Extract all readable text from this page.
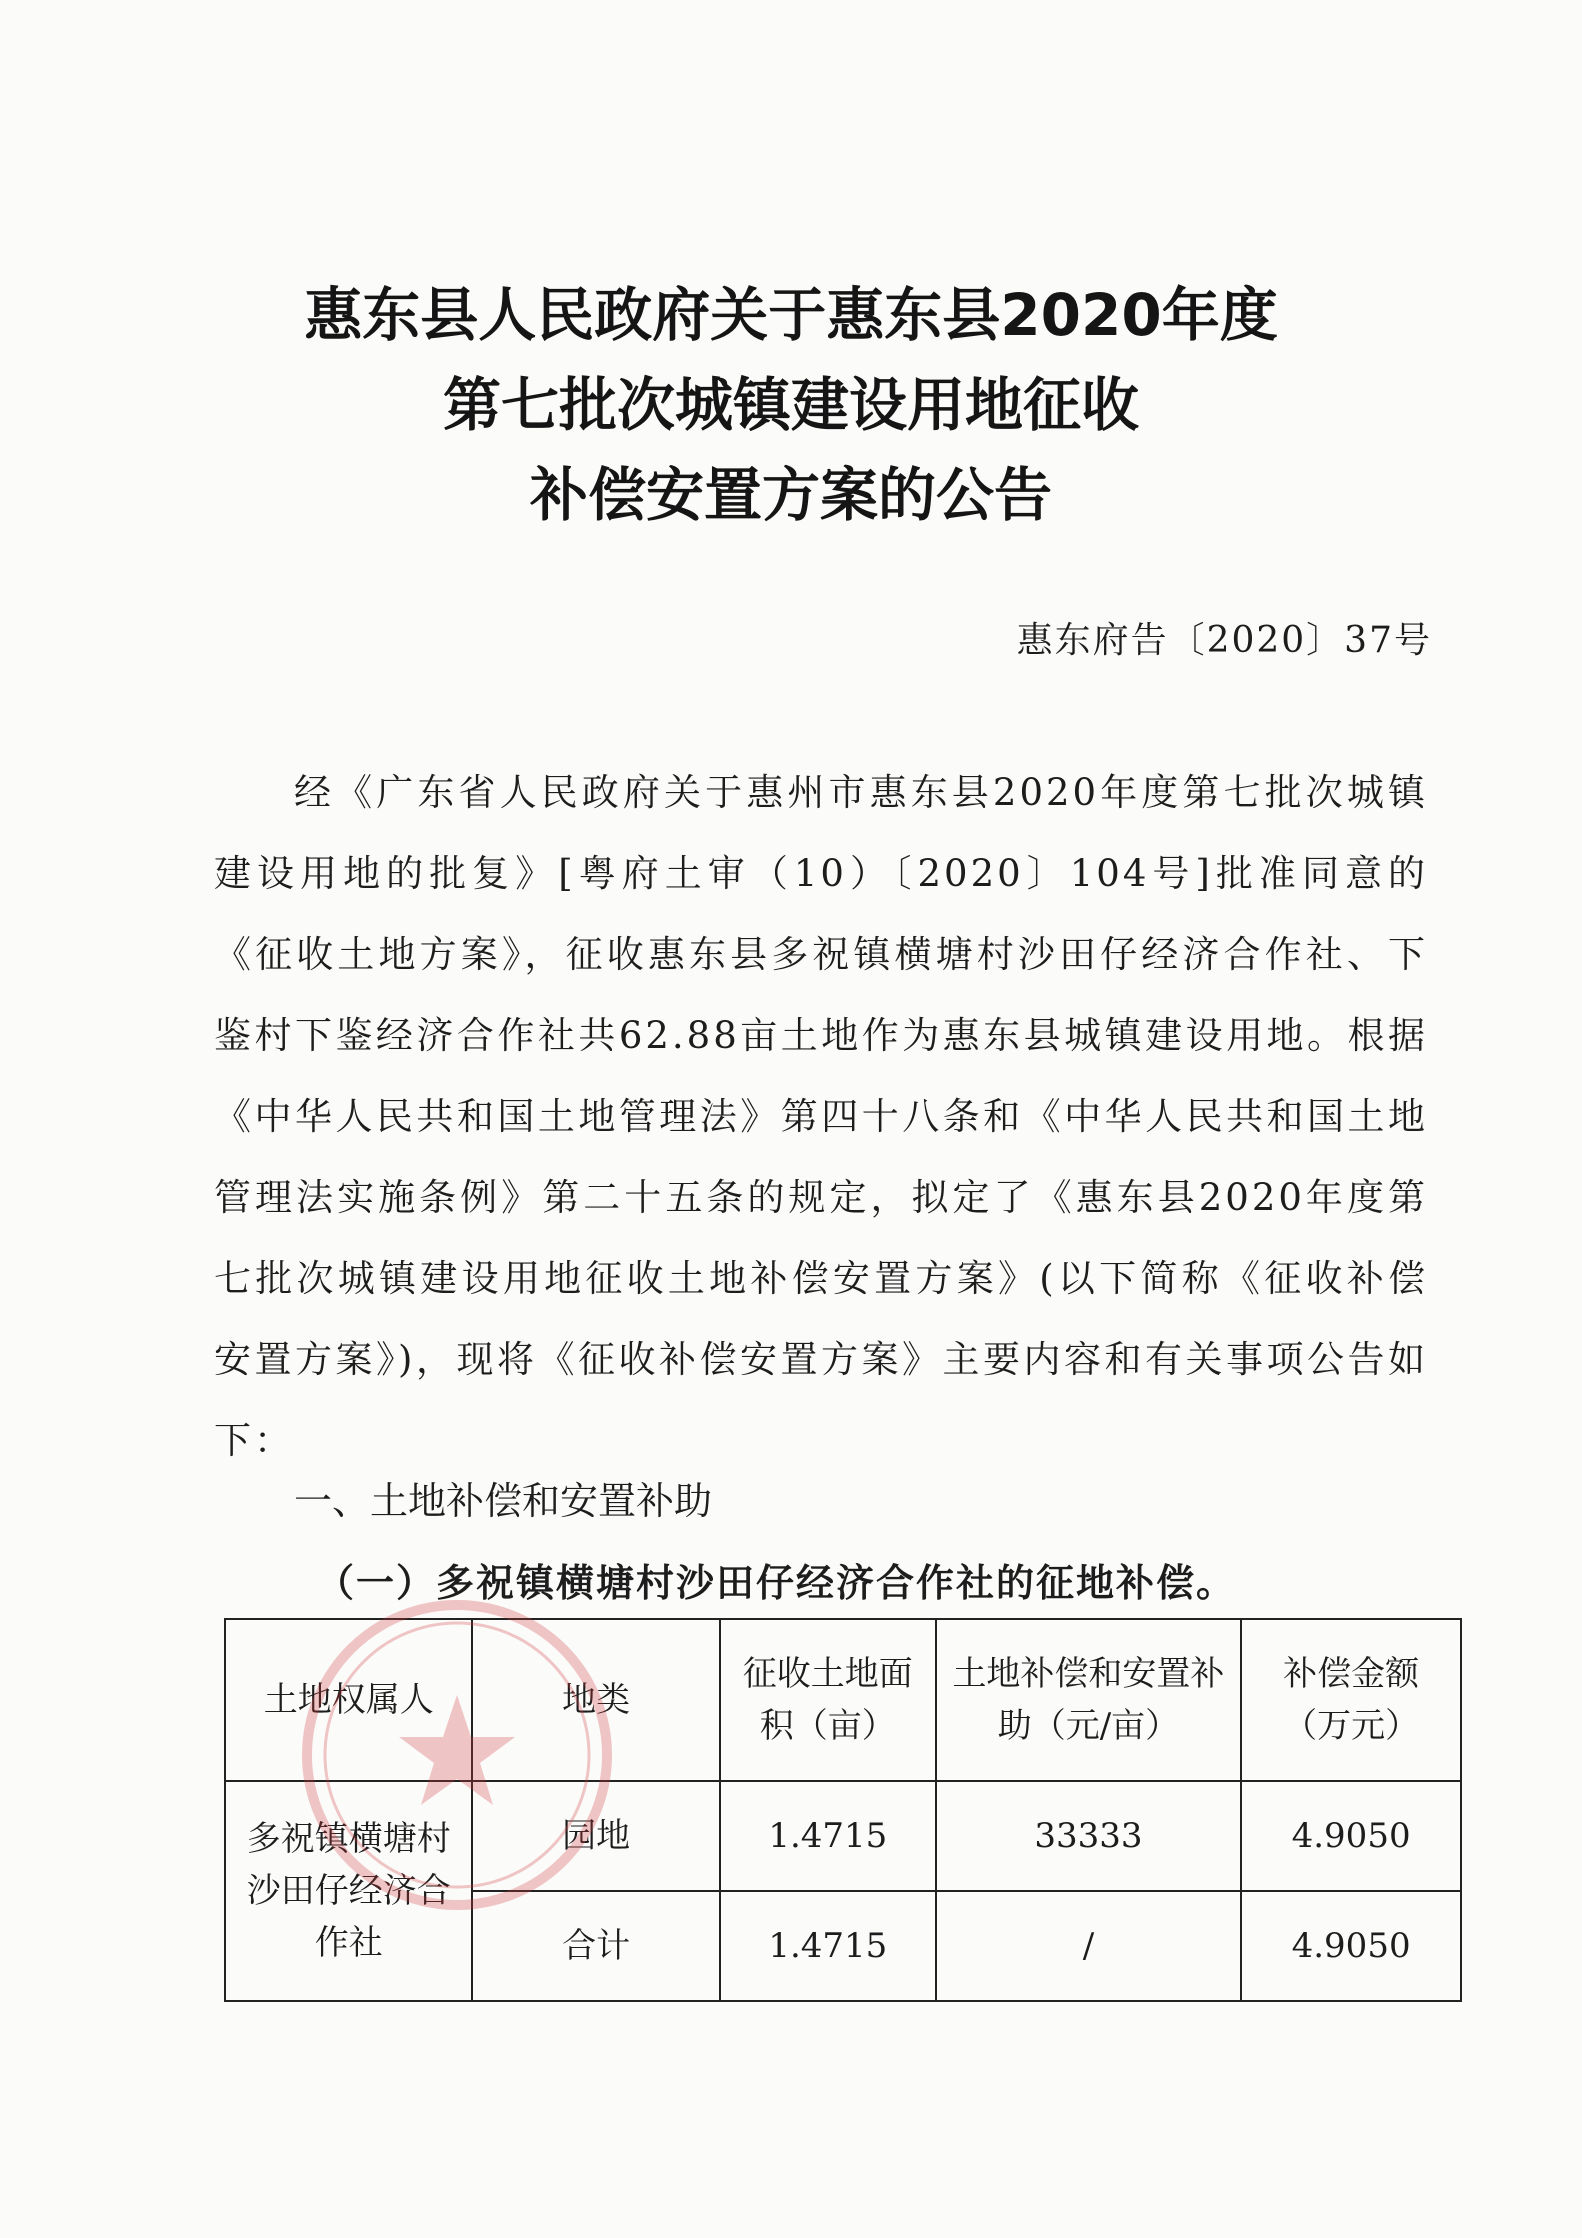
惠东县人民政府关于惠东县2020年度
第七批次城镇建设用地征收
补偿安置方案的公告
惠东府告〔2020〕37号

经《广东省人民政府关于惠州市惠东县2020年度第七批次城镇建设用地的批复》[粤府土审（10）〔2020〕104号]批准同意的《征收土地方案》，征收惠东县多祝镇横塘村沙田仔经济合作社、下鉴村下鉴经济合作社共62.88亩土地作为惠东县城镇建设用地。根据《中华人民共和国土地管理法》第四十八条和《中华人民共和国土地管理法实施条例》第二十五条的规定，拟定了《惠东县2020年度第七批次城镇建设用地征收土地补偿安置方案》(以下简称《征收补偿安置方案》)，现将《征收补偿安置方案》主要内容和有关事项公告如下：

一、土地补偿和安置补助
（一）多祝镇横塘村沙田仔经济合作社的征地补偿。
土地权属人	地类	征收土地面积（亩）	土地补偿和安置补助（元/亩）	补偿金额（万元）
多祝镇横塘村沙田仔经济合作社	园地	1.4715	33333	4.9050
	合计	1.4715	/	4.9050
